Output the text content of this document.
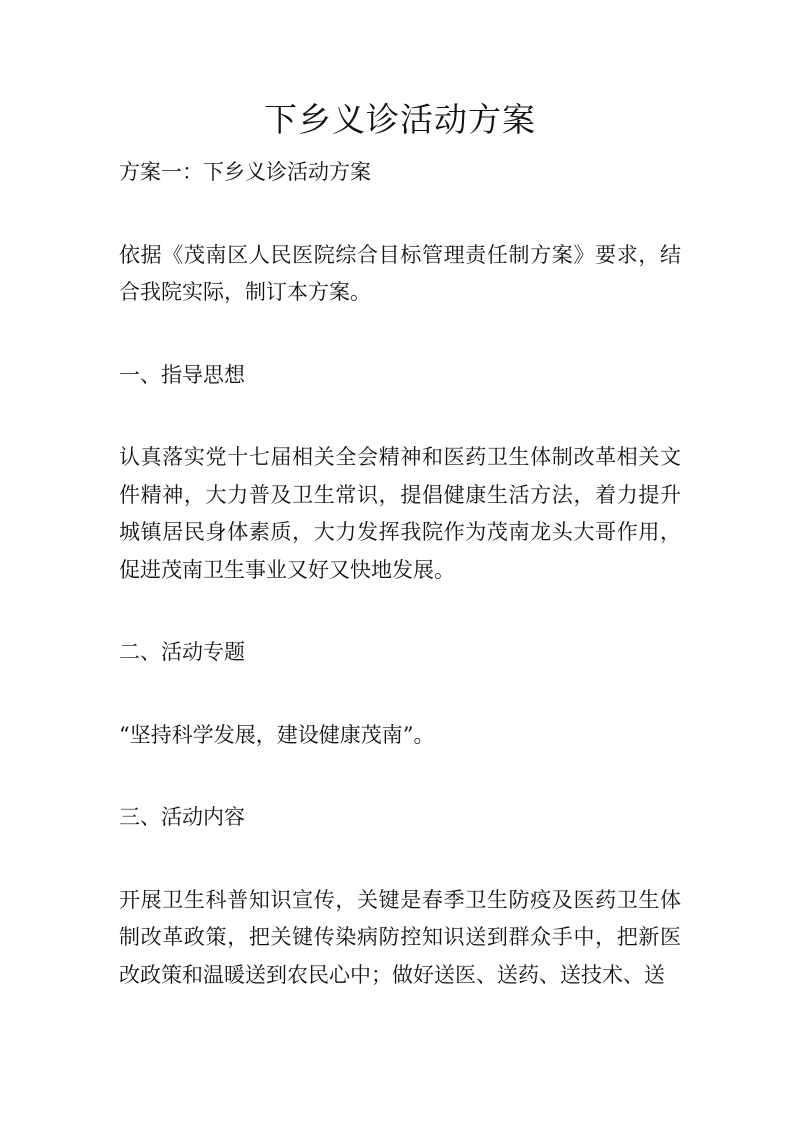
下乡义诊活动方案

方案一：下乡义诊活动方案

依据《茂南区人民医院综合目标管理责任制方案》要求，结合我院实际，制订本方案。

一、指导思想

认真落实党十七届相关全会精神和医药卫生体制改革相关文件精神，大力普及卫生常识，提倡健康生活方法，着力提升城镇居民身体素质，大力发挥我院作为茂南龙头大哥作用，促进茂南卫生事业又好又快地发展。

二、活动专题

“坚持科学发展，建设健康茂南”。

三、活动内容

开展卫生科普知识宣传，关键是春季卫生防疫及医药卫生体制改革政策，把关键传染病防控知识送到群众手中，把新医改政策和温暖送到农民心中；做好送医、送药、送技术、送
